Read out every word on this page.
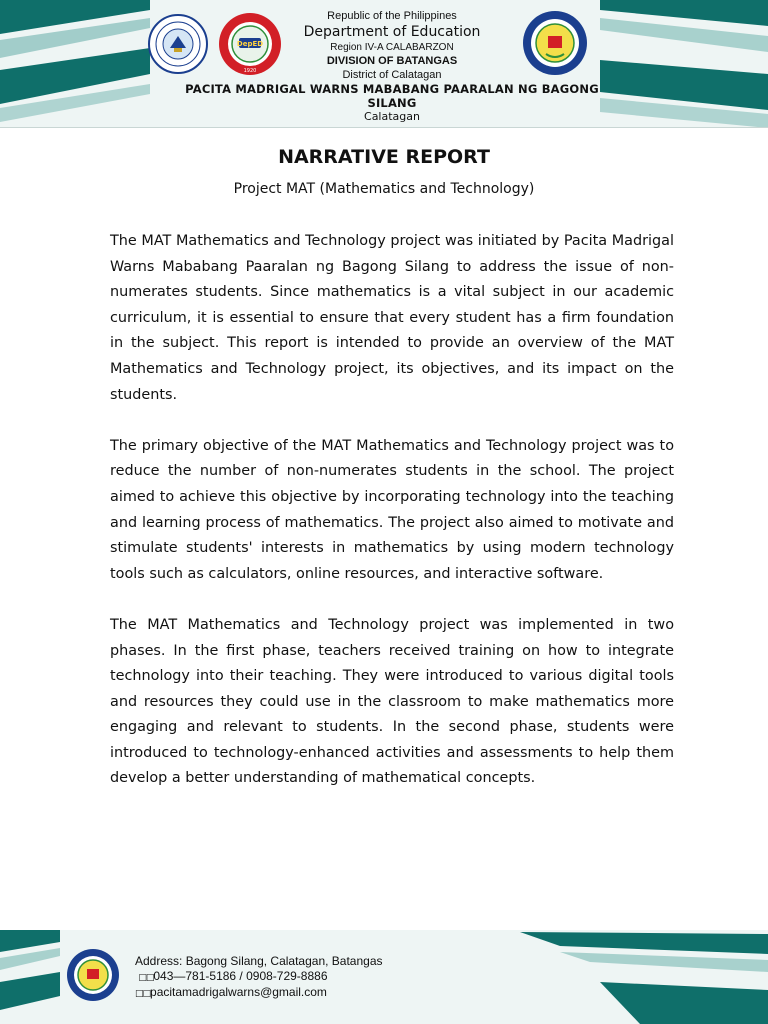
DepED
1920
Republic of the Philippines
Department of Education
Region IV-A CALABARZON
DIVISION OF BATANGAS
District of Calatagan
PACITA MADRIGAL WARNS MABABANG PAARALAN NG BAGONG SILANG
Calatagan
NARRATIVE REPORT
Project MAT (Mathematics and Technology)

The MAT Mathematics and Technology project was initiated by Pacita Madrigal Warns Mababang Paaralan ng Bagong Silang to address the issue of non-numerates students. Since mathematics is a vital subject in our academic curriculum, it is essential to ensure that every student has a firm foundation in the subject. This report is intended to provide an overview of the MAT Mathematics and Technology project, its objectives, and its impact on the students.

The primary objective of the MAT Mathematics and Technology project was to reduce the number of non-numerates students in the school. The project aimed to achieve this objective by incorporating technology into the teaching and learning process of mathematics. The project also aimed to motivate and stimulate students' interests in mathematics by using modern technology tools such as calculators, online resources, and interactive software.

The MAT Mathematics and Technology project was implemented in two phases. In the first phase, teachers received training on how to integrate technology into their teaching. They were introduced to various digital tools and resources they could use in the classroom to make mathematics more engaging and relevant to students. In the second phase, students were introduced to technology-enhanced activities and assessments to help them develop a better understanding of mathematical concepts.

Address: Bagong Silang, Calatagan, Batangas
□□043—781-5186 / 0908-729-8886
□□pacitamadrigalwarns@gmail.com
